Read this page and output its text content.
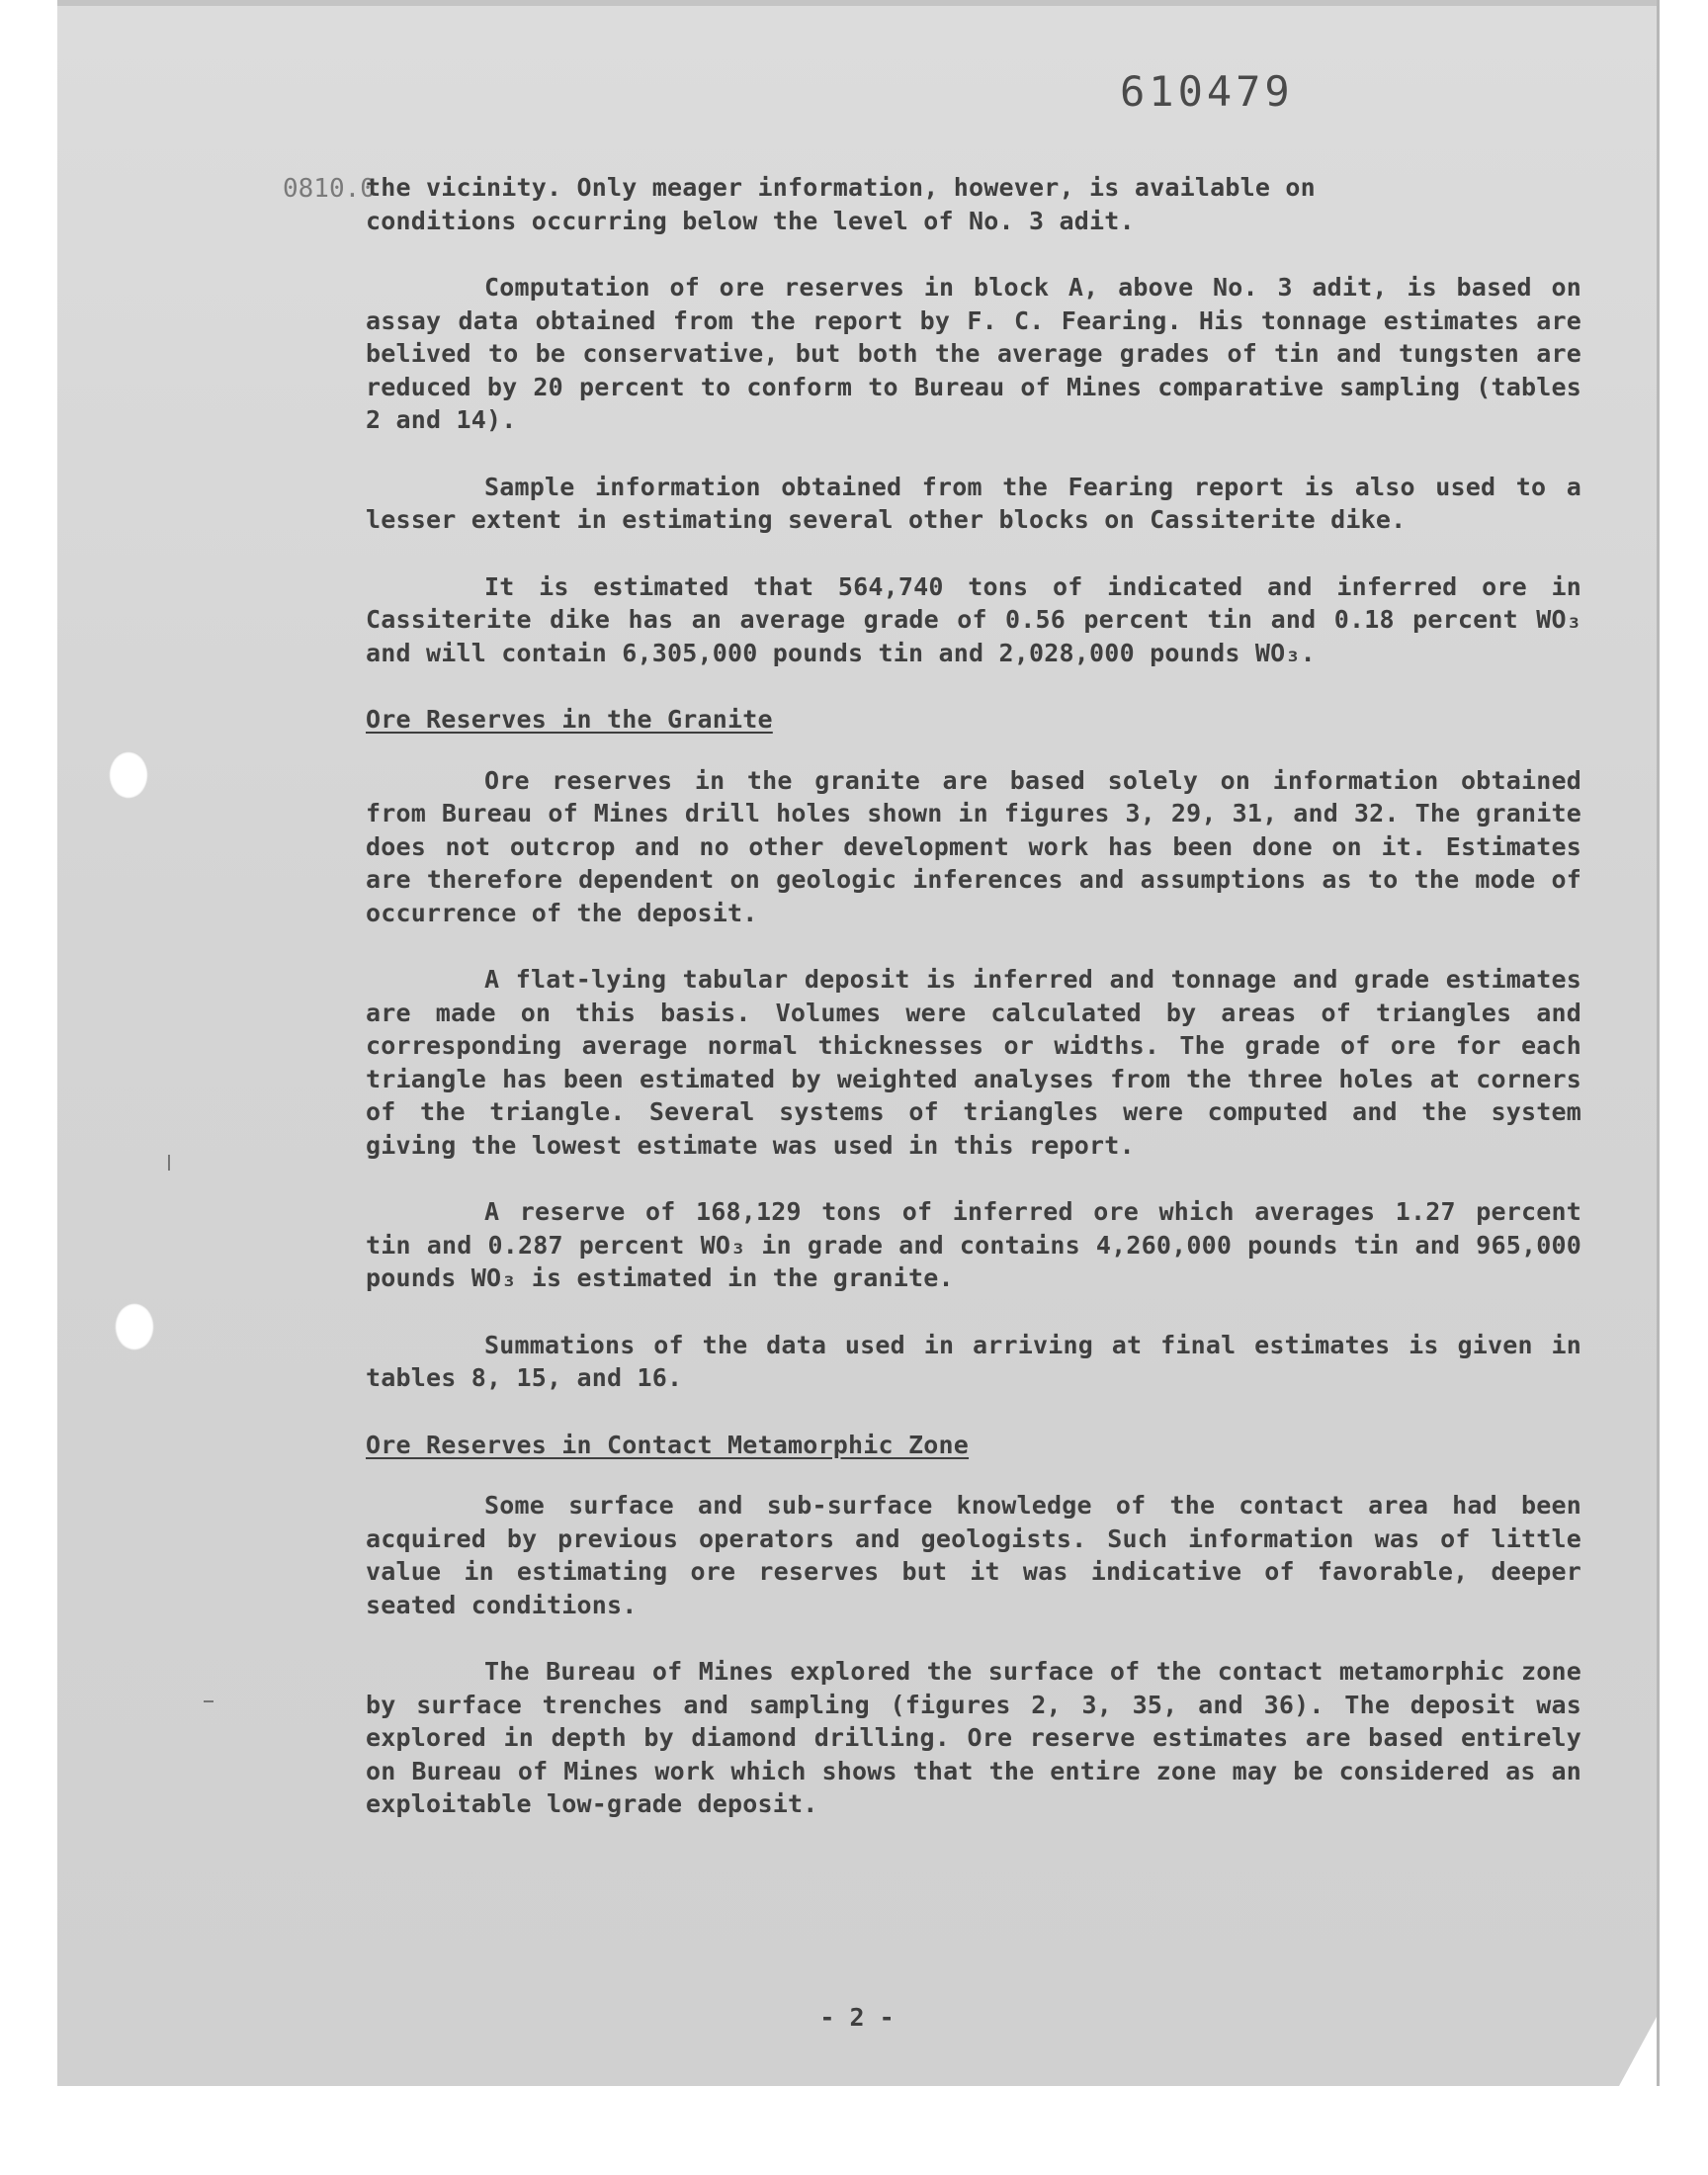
610479
0810.0

the vicinity. Only meager information, however, is available on
conditions occurring below the level of No. 3 adit.

Computation of ore reserves in block A, above No. 3 adit, is based on assay data obtained from the report by F. C. Fearing. His tonnage estimates are belived to be conservative, but both the average grades of tin and tungsten are reduced by 20 percent to conform to Bureau of Mines comparative sampling (tables 2 and 14).

Sample information obtained from the Fearing report is also used to a lesser extent in estimating several other blocks on Cassiterite dike.

It is estimated that 564,740 tons of indicated and inferred ore in Cassiterite dike has an average grade of 0.56 percent tin and 0.18 percent WO₃ and will contain 6,305,000 pounds tin and 2,028,000 pounds WO₃.

Ore Reserves in the Granite

Ore reserves in the granite are based solely on information obtained from Bureau of Mines drill holes shown in figures 3, 29, 31, and 32. The granite does not outcrop and no other development work has been done on it. Estimates are therefore dependent on geologic inferences and assumptions as to the mode of occurrence of the deposit.

A flat-lying tabular deposit is inferred and tonnage and grade estimates are made on this basis. Volumes were calculated by areas of triangles and corresponding average normal thicknesses or widths. The grade of ore for each triangle has been estimated by weighted analyses from the three holes at corners of the triangle. Several systems of triangles were computed and the system giving the lowest estimate was used in this report.

A reserve of 168,129 tons of inferred ore which averages 1.27 percent tin and 0.287 percent WO₃ in grade and contains 4,260,000 pounds tin and 965,000 pounds WO₃ is estimated in the granite.

Summations of the data used in arriving at final estimates is given in tables 8, 15, and 16.

Ore Reserves in Contact Metamorphic Zone

Some surface and sub-surface knowledge of the contact area had been acquired by previous operators and geologists. Such information was of little value in estimating ore reserves but it was indicative of favorable, deeper seated conditions.

The Bureau of Mines explored the surface of the contact metamorphic zone by surface trenches and sampling (figures 2, 3, 35, and 36). The deposit was explored in depth by diamond drilling. Ore reserve estimates are based entirely on Bureau of Mines work which shows that the entire zone may be considered as an exploitable low-grade deposit.

- 2 -
